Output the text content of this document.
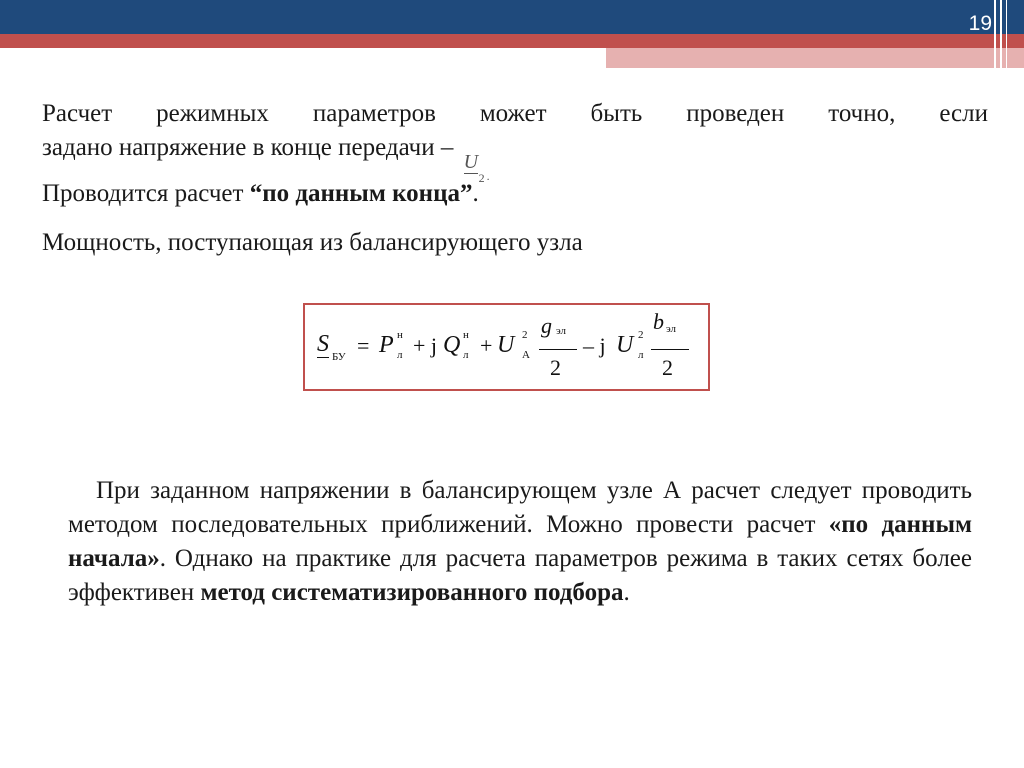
19
Расчет режимных параметров может быть проведен точно, если
задано напряжение в конце передачи –
U
2 .
Проводится расчет “по данным конца”.
Мощность, поступающая из балансирующего узла
S БУ = P н
л + j Q н
л + U 2
А
g эл
2
– j U 2
л
b эл
2
При заданном напряжении в балансирующем узле А расчет следует проводить методом последовательных приближений. Можно провести расчет «по данным начала». Однако на практике для расчета параметров режима в таких сетях более эффективен метод систематизированного подбора.
